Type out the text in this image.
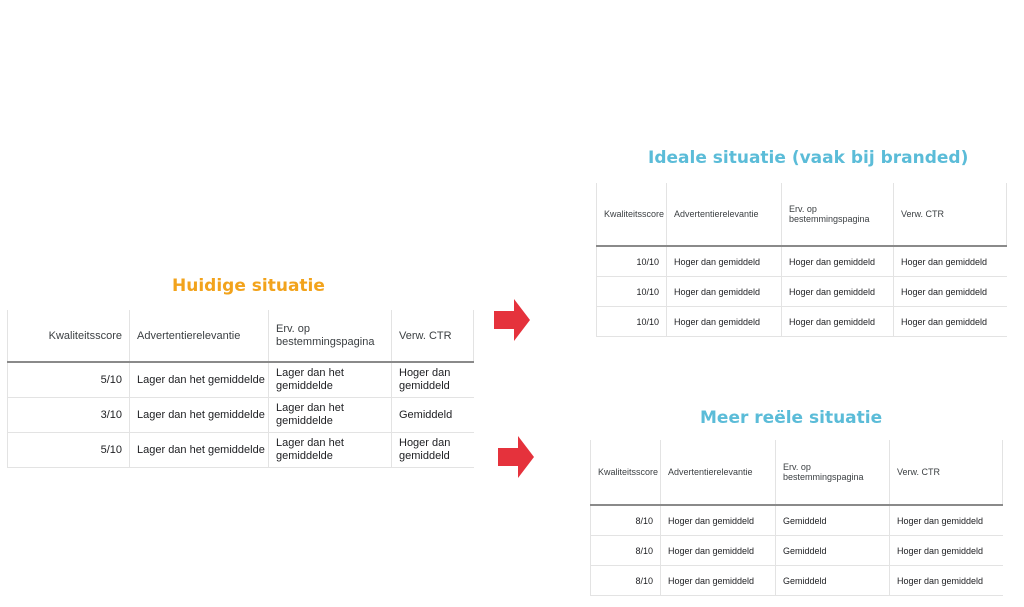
Huidige situatie
Kwaliteitsscore	Advertentierelevantie	Erv. op bestemmingspagina	Verw. CTR
5/10	Lager dan het gemiddelde	Lager dan het gemiddelde	Hoger dan gemiddeld
3/10	Lager dan het gemiddelde	Lager dan het gemiddelde	Gemiddeld
5/10	Lager dan het gemiddelde	Lager dan het gemiddelde	Hoger dan gemiddeld
Ideale situatie (vaak bij branded)
Kwaliteitsscore	Advertentierelevantie	Erv. op bestemmingspagina	Verw. CTR
10/10	Hoger dan gemiddeld	Hoger dan gemiddeld	Hoger dan gemiddeld
10/10	Hoger dan gemiddeld	Hoger dan gemiddeld	Hoger dan gemiddeld
10/10	Hoger dan gemiddeld	Hoger dan gemiddeld	Hoger dan gemiddeld
Meer reële situatie
Kwaliteitsscore	Advertentierelevantie	Erv. op bestemmingspagina	Verw. CTR
8/10	Hoger dan gemiddeld	Gemiddeld	Hoger dan gemiddeld
8/10	Hoger dan gemiddeld	Gemiddeld	Hoger dan gemiddeld
8/10	Hoger dan gemiddeld	Gemiddeld	Hoger dan gemiddeld
